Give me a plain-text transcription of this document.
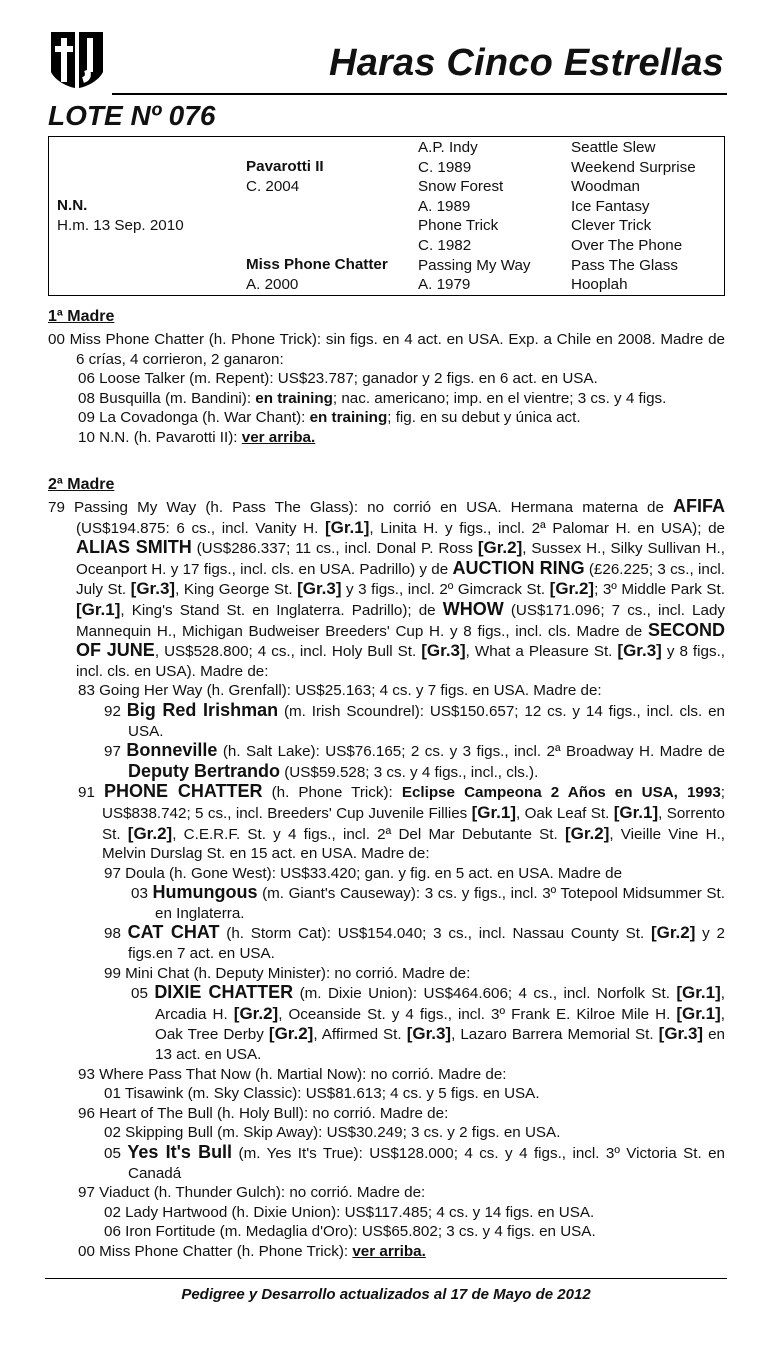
Haras Cinco Estrellas
LOTE Nº 076
N.N.
H.m. 13 Sep. 2010
Pavarotti II
C. 2004
Miss Phone Chatter
A. 2000
A.P. Indy
C. 1989
Snow Forest
A. 1989
Phone Trick
C. 1982
Passing My Way
A. 1979
Seattle Slew
Weekend Surprise
Woodman
Ice Fantasy
Clever Trick
Over The Phone
Pass The Glass
Hooplah
1ª Madre
00 Miss Phone Chatter (h. Phone Trick): sin figs. en 4 act. en USA. Exp. a Chile en 2008. Madre de 6 crías, 4 corrieron, 2 ganaron:
06 Loose Talker (m. Repent): US$23.787; ganador y 2 figs. en 6 act. en USA.
08 Busquilla (m. Bandini): en training; nac. americano; imp. en el vientre; 3 cs. y 4 figs.
09 La Covadonga (h. War Chant): en training; fig. en su debut y única act.
10 N.N. (h. Pavarotti II): ver arriba.
2ª Madre
79 Passing My Way (h. Pass The Glass): no corrió en USA. Hermana materna de AFIFA (US$194.875: 6 cs., incl. Vanity H. [Gr.1], Linita H. y figs., incl. 2ª Palomar H. en USA); de ALIAS SMITH (US$286.337; 11 cs., incl. Donal P. Ross [Gr.2], Sussex H., Silky Sullivan H., Oceanport H. y 17 figs., incl. cls. en USA. Padrillo) y de AUCTION RING (£26.225; 3 cs., incl. July St. [Gr.3], King George St. [Gr.3] y 3 figs., incl. 2º Gimcrack St. [Gr.2]; 3º Middle Park St. [Gr.1], King's Stand St. en Inglaterra. Padrillo); de WHOW (US$171.096; 7 cs., incl. Lady Mannequin H., Michigan Budweiser Breeders' Cup H. y 8 figs., incl. cls. Madre de SECOND OF JUNE, US$528.800; 4 cs., incl. Holy Bull St. [Gr.3], What a Pleasure St. [Gr.3] y 8 figs., incl. cls. en USA). Madre de:
83 Going Her Way (h. Grenfall): US$25.163; 4 cs. y 7 figs. en USA. Madre de:
92 Big Red Irishman (m. Irish Scoundrel): US$150.657; 12 cs. y 14 figs., incl. cls. en USA.
97 Bonneville (h. Salt Lake): US$76.165; 2 cs. y 3 figs., incl. 2ª Broadway H. Madre de Deputy Bertrando (US$59.528; 3 cs. y 4 figs., incl., cls.).
91 PHONE CHATTER (h. Phone Trick): Eclipse Campeona 2 Años en USA, 1993; US$838.742; 5 cs., incl. Breeders' Cup Juvenile Fillies [Gr.1], Oak Leaf St. [Gr.1], Sorrento St. [Gr.2], C.E.R.F. St. y 4 figs., incl. 2ª Del Mar Debutante St. [Gr.2], Vieille Vine H., Melvin Durslag St. en 15 act. en USA. Madre de:
97 Doula (h. Gone West): US$33.420; gan. y fig. en 5 act. en USA. Madre de
03 Humungous (m. Giant's Causeway): 3 cs. y figs., incl. 3º Totepool Midsummer St. en Inglaterra.
98 CAT CHAT (h. Storm Cat): US$154.040; 3 cs., incl. Nassau County St. [Gr.2] y 2 figs.en 7 act. en USA.
99 Mini Chat (h. Deputy Minister): no corrió. Madre de:
05 DIXIE CHATTER (m. Dixie Union): US$464.606; 4 cs., incl. Norfolk St. [Gr.1], Arcadia H. [Gr.2], Oceanside St. y 4 figs., incl. 3º Frank E. Kilroe Mile H. [Gr.1], Oak Tree Derby [Gr.2], Affirmed St. [Gr.3], Lazaro Barrera Memorial St. [Gr.3] en 13 act. en USA.
93 Where Pass That Now (h. Martial Now): no corrió. Madre de:
01 Tisawink (m. Sky Classic): US$81.613; 4 cs. y 5 figs. en USA.
96 Heart of The Bull (h. Holy Bull): no corrió. Madre de:
02 Skipping Bull (m. Skip Away): US$30.249; 3 cs. y 2 figs. en USA.
05 Yes It's Bull (m. Yes It's True): US$128.000; 4 cs. y 4 figs., incl. 3º Victoria St. en Canadá
97 Viaduct (h. Thunder Gulch): no corrió. Madre de:
02 Lady Hartwood (h. Dixie Union): US$117.485; 4 cs. y 14 figs. en USA.
06 Iron Fortitude (m. Medaglia d'Oro): US$65.802; 3 cs. y 4 figs. en USA.
00 Miss Phone Chatter (h. Phone Trick): ver arriba.
Pedigree y Desarrollo actualizados al 17 de Mayo de 2012
